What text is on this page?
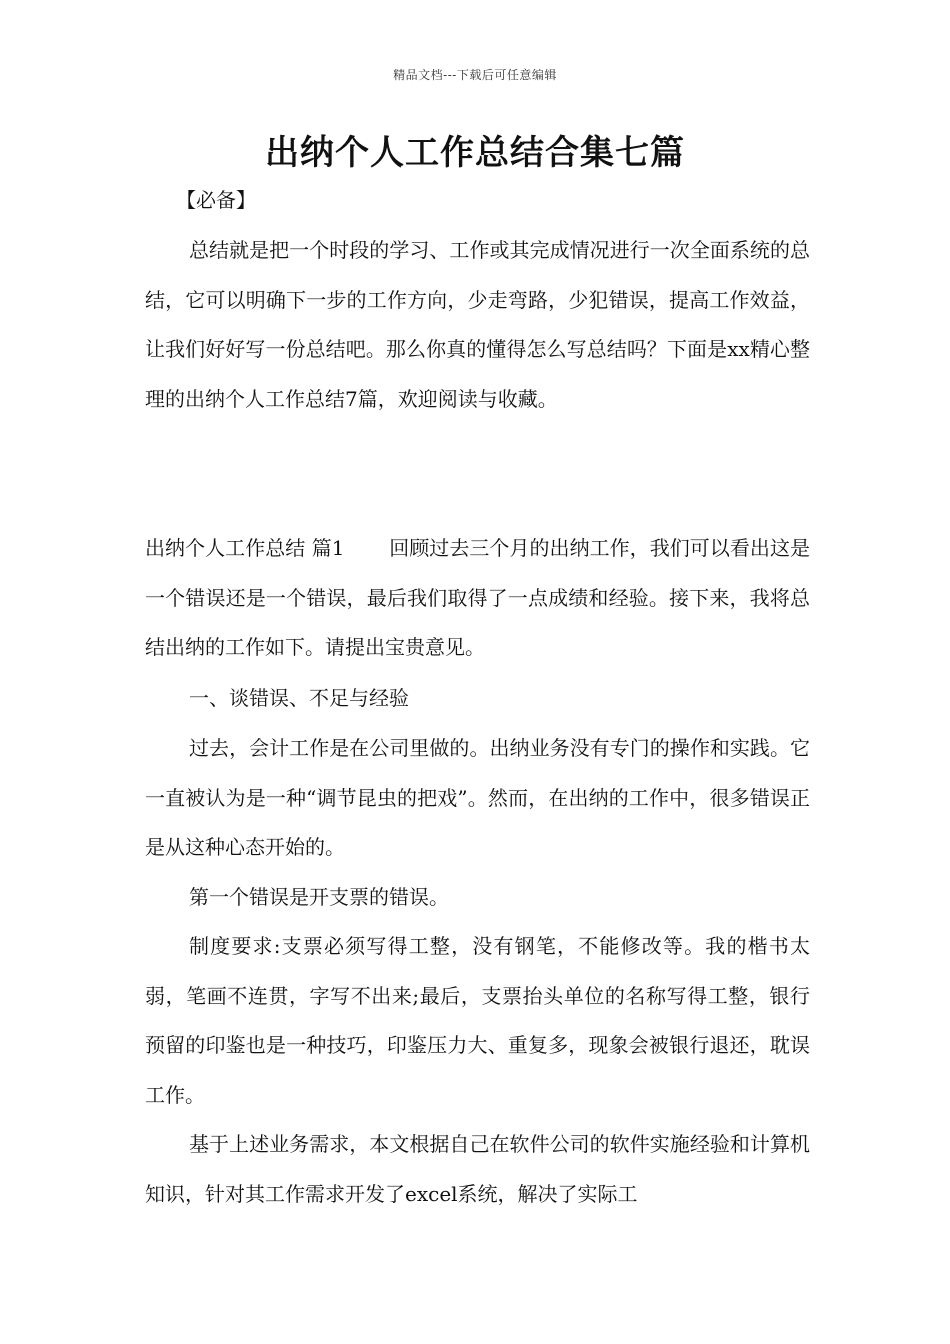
精品文档---下载后可任意编辑
出纳个人工作总结合集七篇
【必备】

总结就是把一个时段的学习、工作或其完成情况进行一次全面系统的总结，它可以明确下一步的工作方向，少走弯路，少犯错误，提高工作效益，让我们好好写一份总结吧。那么你真的懂得怎么写总结吗？下面是xx精心整理的出纳个人工作总结7篇，欢迎阅读与收藏。

出纳个人工作总结 篇1 回顾过去三个月的出纳工作，我们可以看出这是一个错误还是一个错误，最后我们取得了一点成绩和经验。接下来，我将总结出纳的工作如下。请提出宝贵意见。

一、谈错误、不足与经验

过去，会计工作是在公司里做的。出纳业务没有专门的操作和实践。它一直被认为是一种“调节昆虫的把戏”。然而，在出纳的工作中，很多错误正是从这种心态开始的。

第一个错误是开支票的错误。

制度要求:支票必须写得工整，没有钢笔，不能修改等。我的楷书太弱，笔画不连贯，字写不出来;最后，支票抬头单位的名称写得工整，银行预留的印鉴也是一种技巧，印鉴压力大、重复多，现象会被银行退还，耽误工作。

基于上述业务需求，本文根据自己在软件公司的软件实施经验和计算机知识，针对其工作需求开发了excel系统，解决了实际工
